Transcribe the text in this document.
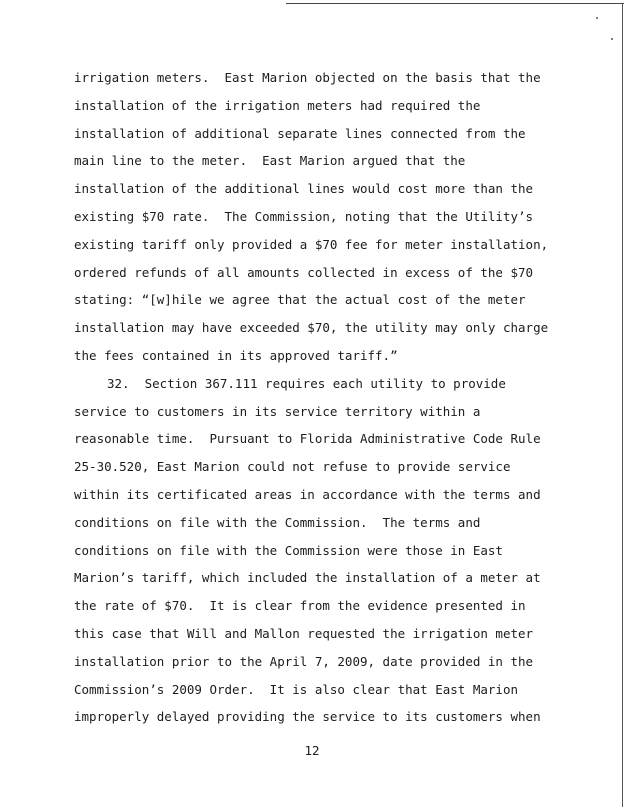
irrigation meters.  East Marion objected on the basis that the
installation of the irrigation meters had required the
installation of additional separate lines connected from the
main line to the meter.  East Marion argued that the
installation of the additional lines would cost more than the
existing $70 rate.  The Commission, noting that the Utility’s
existing tariff only provided a $70 fee for meter installation,
ordered refunds of all amounts collected in excess of the $70
stating: “[w]hile we agree that the actual cost of the meter
installation may have exceeded $70, the utility may only charge
the fees contained in its approved tariff.”
32.  Section 367.111 requires each utility to provide
service to customers in its service territory within a
reasonable time.  Pursuant to Florida Administrative Code Rule
25-30.520, East Marion could not refuse to provide service
within its certificated areas in accordance with the terms and
conditions on file with the Commission.  The terms and
conditions on file with the Commission were those in East
Marion’s tariff, which included the installation of a meter at
the rate of $70.  It is clear from the evidence presented in
this case that Will and Mallon requested the irrigation meter
installation prior to the April 7, 2009, date provided in the
Commission’s 2009 Order.  It is also clear that East Marion
improperly delayed providing the service to its customers when
12
